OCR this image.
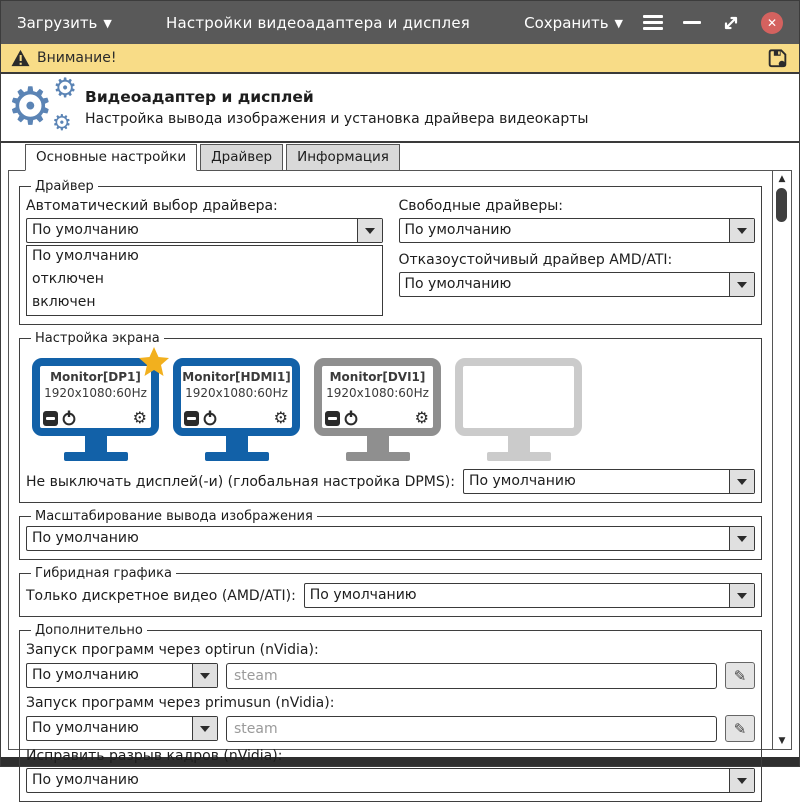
Загрузить ▼	Настройки видеоадаптера и дисплея	Сохранить ▼	✕
Внимание!
⚙ ⚙
⚙
Видеоадаптер и дисплей
Настройка вывода изображения и установка драйвера видеокарты
Основные настройки	Драйвер	Информация
Драйвер
Автоматический выбор драйвера:
По умолчанию
По умолчанию
отключен
включен
Свободные драйверы:
По умолчанию
Отказоустойчивый драйвер AMD/ATI:
По умолчанию
Настройка экрана
Monitor[DP1]
1920x1080:60Hz
⚙
Monitor[HDMI1]
1920x1080:60Hz
⚙
Monitor[DVI1]
1920x1080:60Hz
⚙
Не выключать дисплей(-и) (глобальная настройка DPMS):	По умолчанию
Масштабирование вывода изображения
По умолчанию
Гибридная графика
Только дискретное видео (AMD/ATI):	По умолчанию
Дополнительно
Запуск программ через optirun (nVidia):
По умолчанию
steam	✎
Запуск программ через primusun (nVidia):
По умолчанию
steam	✎
Исправить разрыв кадров (nVidia):
По умолчанию
▲
▼
